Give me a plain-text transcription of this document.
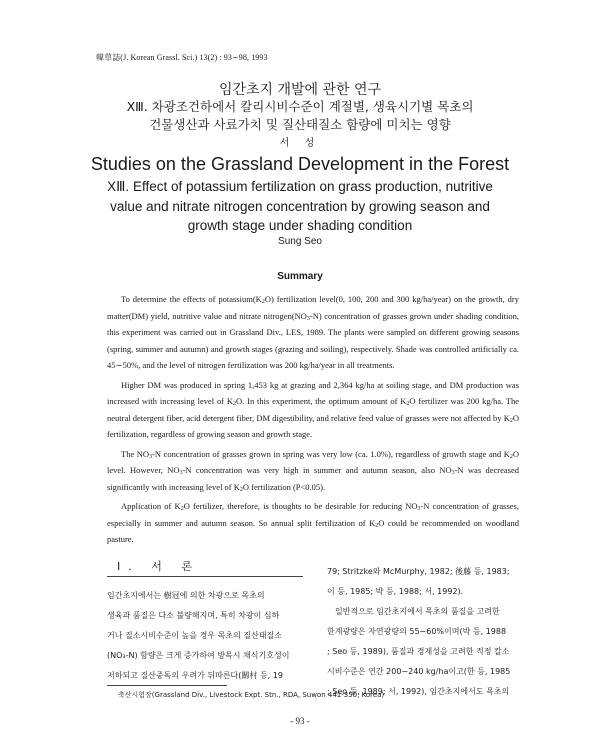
韓草誌(J. Korean Grassl. Sci.) 13(2) : 93∼98, 1993
임간초지 개발에 관한 연구
XⅢ. 차광조건하에서 칼리시비수준이 계절별, 생육시기별 목초의
건물생산과 사료가치 및 질산태질소 함량에 미치는 영향
서 성
Studies on the Grassland Development in the Forest
XⅢ. Effect of potassium fertilization on grass production, nutritive
value and nitrate nitrogen concentration by growing season and
growth stage under shading condition
Sung Seo
Summary

To determine the effects of $potassium(K_2O)$ fertilization level(0, 100, 200 and 300 kg/ha/year) on the growth, dry matter(DM) yield, nutritive value and nitrate $nitrogen(NO_3-N)$ concentration of grasses grown under shading condition, this experiment was carried out in Grassland Div., LES, 1989. The plants were sampled on different growing seasons (spring, summer and autumn) and growth stages (grazing and soiling), respectively. Shade was controlled artificially ca. 45∼50%, and the level of nitrogen fertilization was 200 kg/ha/year in all treatments.

Higher DM was produced in spring 1,453 kg at grazing and 2,364 kg/ha at soiling stage, and DM production was increased with increasing level of $K_2O$. In this experiment, the optimum amount of $K_2O$ fertilizer was 200 kg/ha. The neutral detergent fiber, acid detergent fiber, DM digestibility, and relative feed value of grasses were not affected by $K_2O$ fertilization, regardless of growing season and growth stage.

The $NO_3-N$ concentration of grasses grown in spring was very low (ca. 1.0%), regardless of growth stage and $K_2O$ level. However, $NO_3-N$ concentration was very high in summer and autumn season, also $NO_3-N$ was decreased significantly with increasing level of $K_2O$ fertilization (P<0.05).

Application of $K_2O$ fertilizer, therefore, is thoughts to be desirable for reducing $NO_3-N$ concentration of grasses, especially in summer and autumn season. So annual split fertilization of $K_2O$ could be recommended on woodland pasture.

Ⅰ. 서 론
임간초지에서는 樹冠에 의한 차광으로 목초의
생육과 품질은 다소 불량해지며, 특히 차광이 심하
거나 질소시비수준이 높을 경우 목초의 질산태질소
(NO₃-N) 함량은 크게 증가하여 방목시 채식기호성이
저하되고 질산중독의 우려가 뒤따른다(關村 등, 19
79; Stritzke와 McMurphy, 1982; 後藤 등, 1983;
이 등, 1985; 박 등, 1988; 서, 1992).
일반적으로 임간초지에서 목초의 품질을 고려한
한계광량은 자연광량의 55∼60%이며(박 등, 1988
; Seo 등, 1989), 품질과 경제성을 고려한 적정 칼소
시비수준은 연간 200∼240 kg/ha이고(한 등, 1985
; Seo 등, 1989; 서, 1992), 임간초지에서도 목초의
축산시험장(Grassland Div., Livestock Expt. Stn., RDA, Suwon 441-350, Korea)
- 93 -
